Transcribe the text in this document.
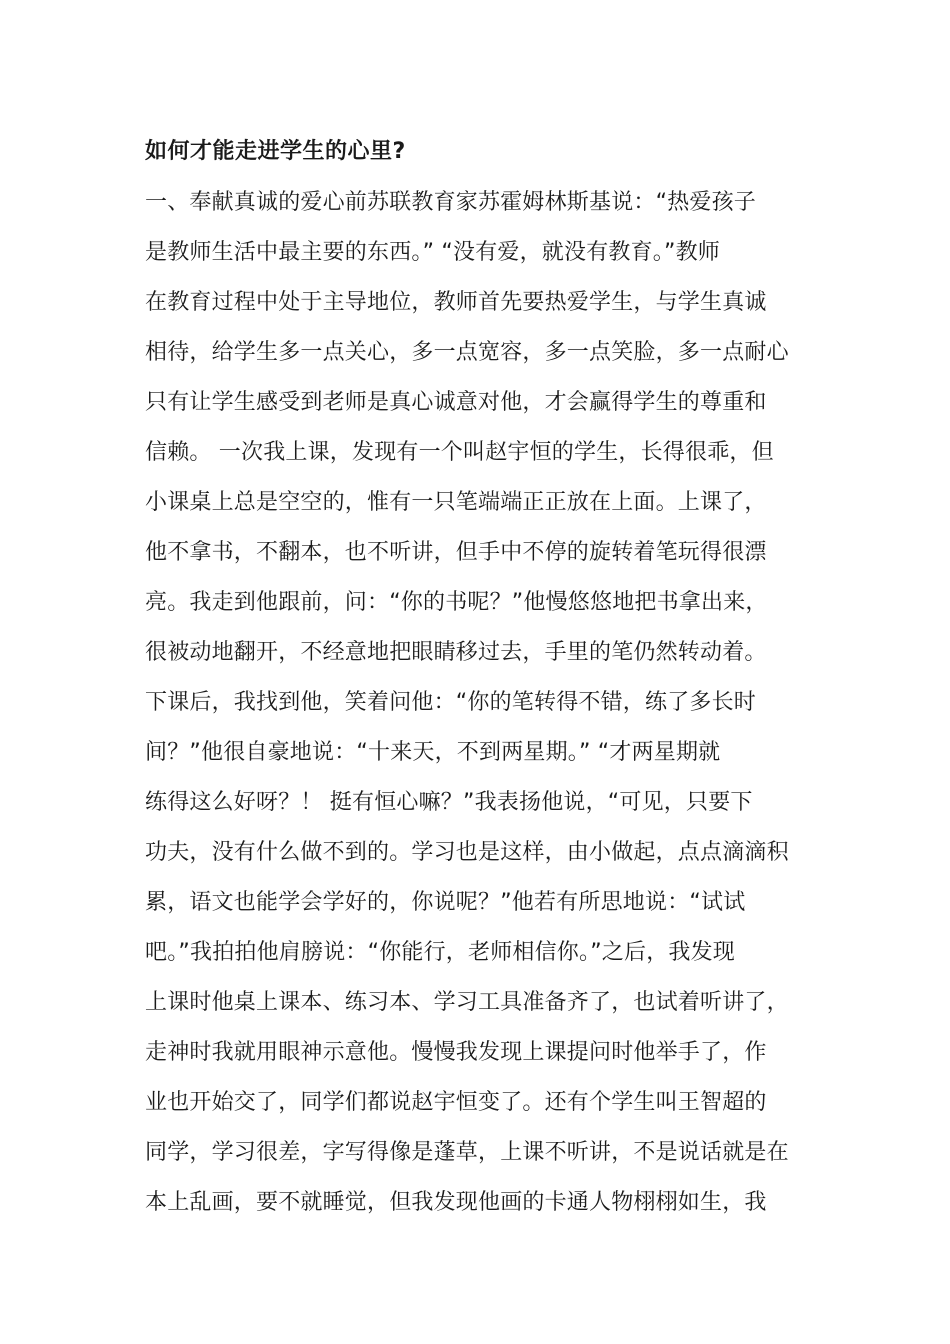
如何才能走进学生的心里?
一、奉献真诚的爱心前苏联教育家苏霍姆林斯基说：“热爱孩子
是教师生活中最主要的东西。” “没有爱，就没有教育。”教师
在教育过程中处于主导地位，教师首先要热爱学生，与学生真诚
相待，给学生多一点关心，多一点宽容，多一点笑脸，多一点耐心
只有让学生感受到老师是真心诚意对他，才会赢得学生的尊重和
信赖。 一次我上课，发现有一个叫赵宇恒的学生，长得很乖，但
小课桌上总是空空的，惟有一只笔端端正正放在上面。上课了，
他不拿书，不翻本，也不听讲，但手中不停的旋转着笔玩得很漂
亮。我走到他跟前，问：“你的书呢？”他慢悠悠地把书拿出来，
很被动地翻开，不经意地把眼睛移过去，手里的笔仍然转动着。
下课后，我找到他，笑着问他：“你的笔转得不错，练了多长时
间？”他很自豪地说：“十来天，不到两星期。” “才两星期就
练得这么好呀？！ 挺有恒心嘛？”我表扬他说，“可见，只要下
功夫，没有什么做不到的。学习也是这样，由小做起，点点滴滴积
累，语文也能学会学好的，你说呢？”他若有所思地说：“试试
吧。”我拍拍他肩膀说：“你能行，老师相信你。”之后，我发现
上课时他桌上课本、练习本、学习工具准备齐了，也试着听讲了，
走神时我就用眼神示意他。慢慢我发现上课提问时他举手了，作
业也开始交了，同学们都说赵宇恒变了。还有个学生叫王智超的
同学，学习很差，字写得像是蓬草，上课不听讲，不是说话就是在
本上乱画，要不就睡觉，但我发现他画的卡通人物栩栩如生，我
